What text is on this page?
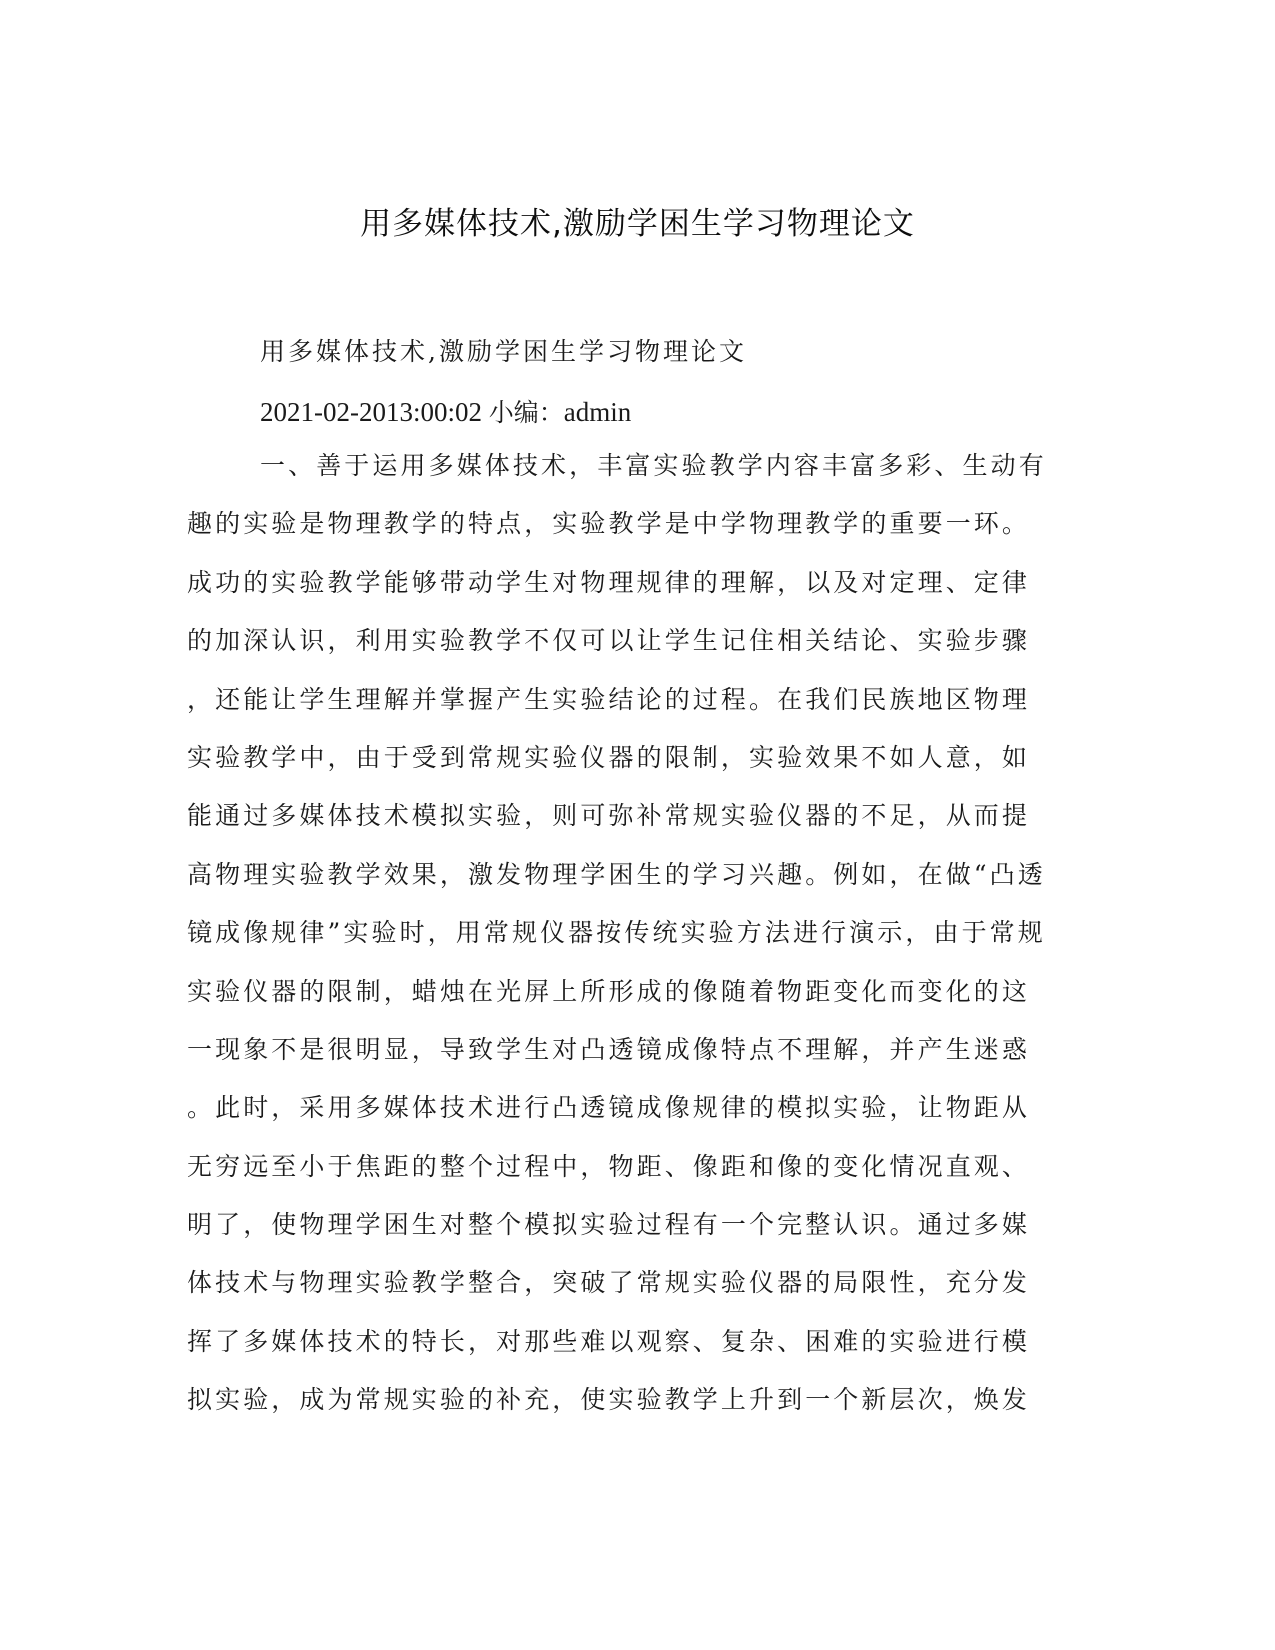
用多媒体技术,激励学困生学习物理论文

用多媒体技术,激励学困生学习物理论文

2021-02-2013:00:02 小编：admin

一、善于运用多媒体技术，丰富实验教学内容丰富多彩、生动有
趣的实验是物理教学的特点，实验教学是中学物理教学的重要一环。
成功的实验教学能够带动学生对物理规律的理解，以及对定理、定律
的加深认识，利用实验教学不仅可以让学生记住相关结论、实验步骤
，还能让学生理解并掌握产生实验结论的过程。在我们民族地区物理
实验教学中，由于受到常规实验仪器的限制，实验效果不如人意，如
能通过多媒体技术模拟实验，则可弥补常规实验仪器的不足，从而提
高物理实验教学效果，激发物理学困生的学习兴趣。例如，在做“凸透
镜成像规律”实验时，用常规仪器按传统实验方法进行演示，由于常规
实验仪器的限制，蜡烛在光屏上所形成的像随着物距变化而变化的这
一现象不是很明显，导致学生对凸透镜成像特点不理解，并产生迷惑
。此时，采用多媒体技术进行凸透镜成像规律的模拟实验，让物距从
无穷远至小于焦距的整个过程中，物距、像距和像的变化情况直观、
明了，使物理学困生对整个模拟实验过程有一个完整认识。通过多媒
体技术与物理实验教学整合，突破了常规实验仪器的局限性，充分发
挥了多媒体技术的特长，对那些难以观察、复杂、困难的实验进行模
拟实验，成为常规实验的补充，使实验教学上升到一个新层次，焕发
